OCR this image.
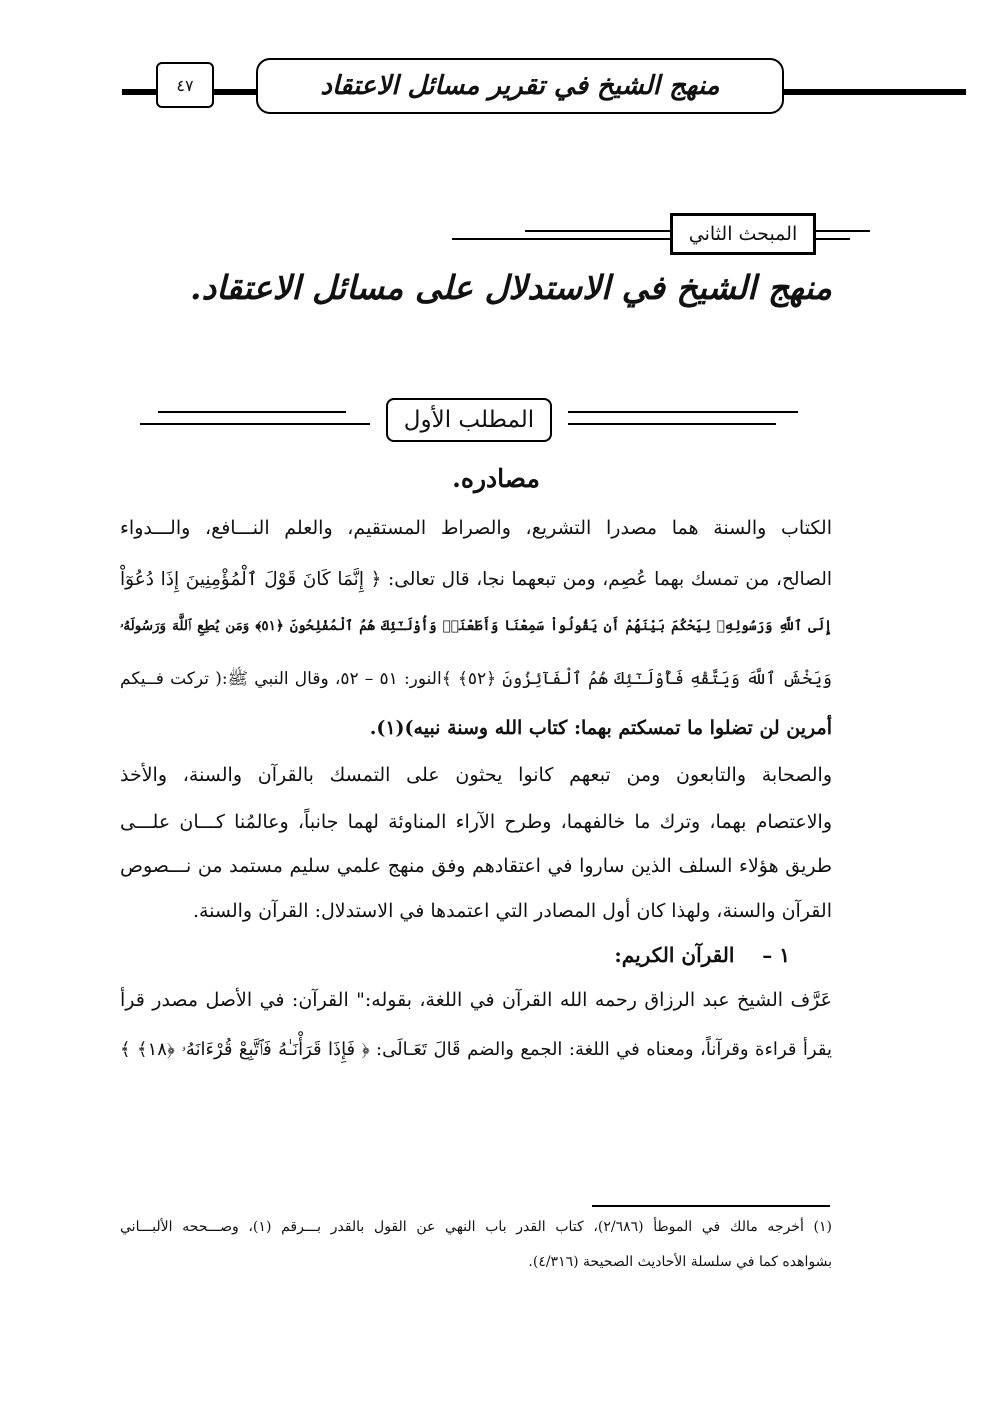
٤٧	منهج الشيخ في تقرير مسائل الاعتقاد
المبحث الثاني
منهج الشيخ في الاستدلال على مسائل الاعتقاد.
المطلب الأول
مصادره.
الكتاب والسنة هما مصدرا التشريع، والصراط المستقيم، والعلم النـــافع، والـــدواء
الصالح، من تمسك بهما عُصِم، ومن تبعهما نجا، قال تعالى: ﴿ إِنَّمَا كَانَ قَوْلَ ٱلْمُؤْمِنِينَ إِذَا دُعُوٓاْ
إِلَى ٱللَّهِ وَرَسُولِهِۦ لِيَحْكُمَ بَيْنَهُمْ أَن يَقُولُواْ سَمِعْنَا وَأَطَعْنَاۚ وَأُوْلَـٰٓئِكَ هُمُ ٱلْمُفْلِحُونَ ﴿٥١﴾ وَمَن يُطِعِ ٱللَّهَ وَرَسُولَهُۥ
وَيَخْشَ ٱللَّهَ وَيَتَّقْهِ فَأُوْلَـٰٓئِكَ هُمُ ٱلْفَآئِزُونَ ﴿٥٢﴾ ﴾النور: ٥١ – ٥٢، وقال النبي ﷺ:( تركت فــيكم
أمرين لن تضلوا ما تمسكتم بهما: كتاب الله وسنة نبيه)(١).
والصحابة والتابعون ومن تبعهم كانوا يحثون على التمسك بالقرآن والسنة، والأخذ
والاعتصام بهما، وترك ما خالفهما، وطرح الآراء المناوئة لهما جانباً، وعالمُنا كـــان علـــى
طريق هؤلاء السلف الذين ساروا في اعتقادهم وفق منهج علمي سليم مستمد من نـــصوص
القرآن والسنة، ولهذا كان أول المصادر التي اعتمدها في الاستدلال: القرآن والسنة.
١ –    القرآن الكريم:
عَرَّف الشيخ عبد الرزاق رحمه الله القرآن في اللغة، بقوله:" القرآن: في الأصل مصدر قرأ
يقرأ قراءة وقرآناً، ومعناه في اللغة: الجمع والضم قَالَ تَعَـالَى: ﴿ فَإِذَا قَرَأْنَـٰهُ فَٱتَّبِعْ قُرْءَانَهُۥ ﴿١٨﴾ ﴾
(١) أخرجه مالك في الموطأ (٢/٦٨٦)، كتاب القدر باب النهي عن القول بالقدر بـــرقم (١)، وصـــححه الألبـــاني
بشواهده كما في سلسلة الأحاديث الصحيحة (٤/٣١٦).
